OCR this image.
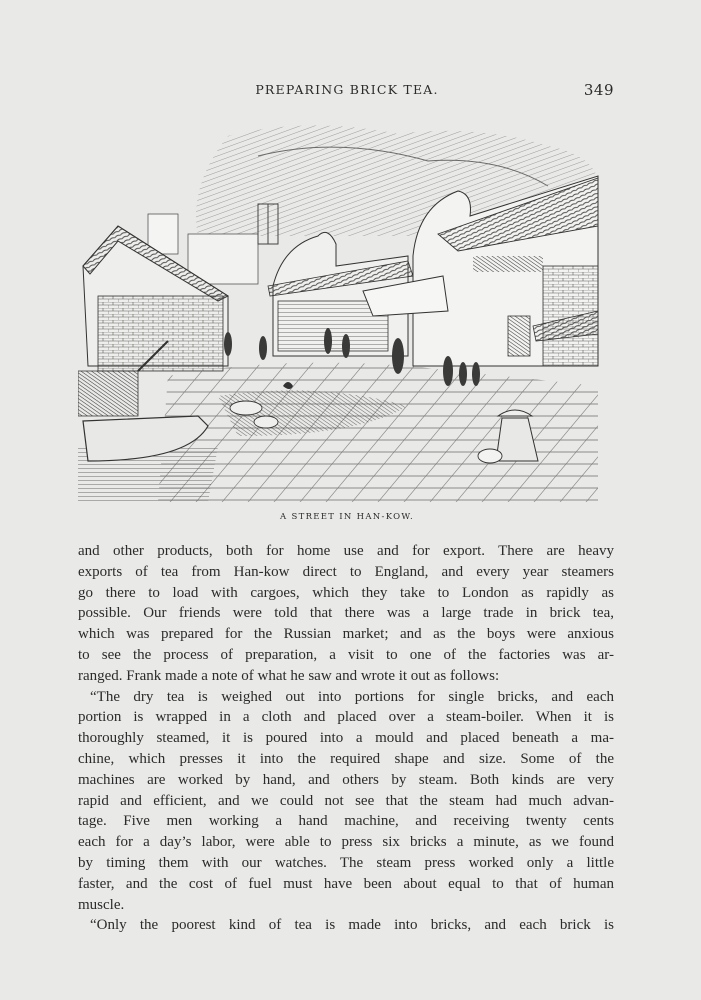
PREPARING BRICK TEA.	349
A STREET IN HAN-KOW.

and other products, both for home use and for export. There are heavy
exports of tea from Han-kow direct to England, and every year steamers
go there to load with cargoes, which they take to London as rapidly as
possible. Our friends were told that there was a large trade in brick tea,
which was prepared for the Russian market; and as the boys were anxious
to see the process of preparation, a visit to one of the factories was ar-
ranged. Frank made a note of what he saw and wrote it out as follows:

“The dry tea is weighed out into portions for single bricks, and each
portion is wrapped in a cloth and placed over a steam-boiler. When it is
thoroughly steamed, it is poured into a mould and placed beneath a ma-
chine, which presses it into the required shape and size. Some of the
machines are worked by hand, and others by steam. Both kinds are very
rapid and efficient, and we could not see that the steam had much advan-
tage. Five men working a hand machine, and receiving twenty cents
each for a day’s labor, were able to press six bricks a minute, as we found
by timing them with our watches. The steam press worked only a little
faster, and the cost of fuel must have been about equal to that of human
muscle.

“Only the poorest kind of tea is made into bricks, and each brick is
